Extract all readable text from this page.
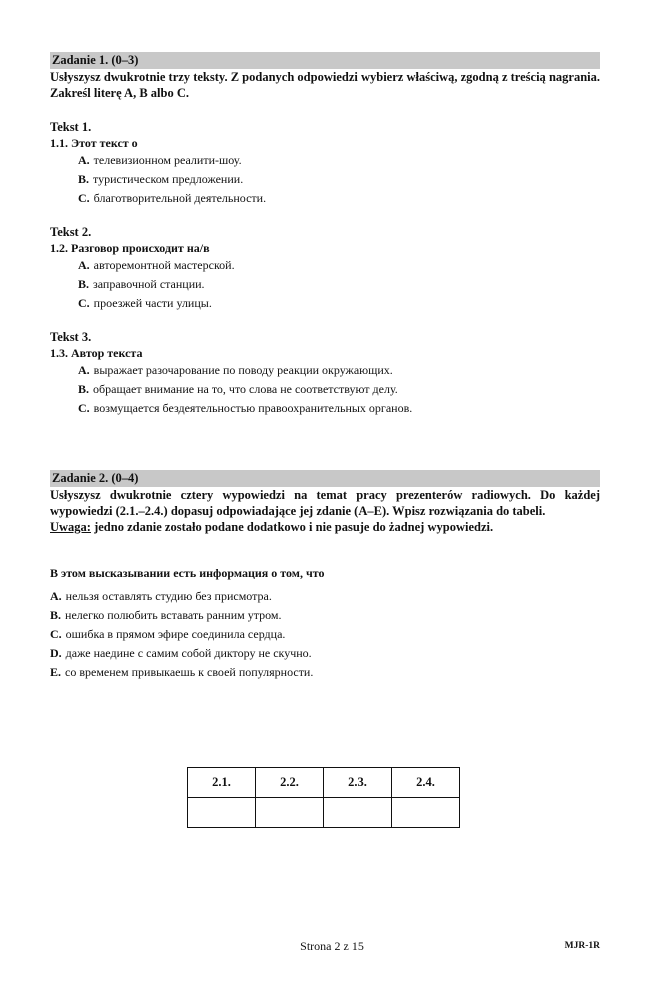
Zadanie 1. (0–3)
Usłyszysz dwukrotnie trzy teksty. Z podanych odpowiedzi wybierz właściwą, zgodną z treścią nagrania. Zakreśl literę A, B albo C.
Tekst 1.
1.1. Этот текст о
A. телевизионном реалити-шоу.
B. туристическом предложении.
C. благотворительной деятельности.
Tekst 2.
1.2. Разговор происходит на/в
A. авторемонтной мастерской.
B. заправочной станции.
C. проезжей части улицы.
Tekst 3.
1.3. Автор текста
A. выражает разочарование по поводу реакции окружающих.
B. обращает внимание на то, что слова не соответствуют делу.
C. возмущается бездеятельностью правоохранительных органов.
Zadanie 2. (0–4)
Usłyszysz dwukrotnie cztery wypowiedzi na temat pracy prezenterów radiowych. Do każdej wypowiedzi (2.1.–2.4.) dopasuj odpowiadające jej zdanie (A–E). Wpisz rozwiązania do tabeli.
Uwaga: jedno zdanie zostało podane dodatkowo i nie pasuje do żadnej wypowiedzi.
В этом высказывании есть информация о том, что
A. нельзя оставлять студию без присмотра.
B. нелегко полюбить вставать ранним утром.
C. ошибка в прямом эфире соединила сердца.
D. даже наедине с самим собой диктору не скучно.
E. со временем привыкаешь к своей популярности.
2.1.	2.2.	2.3.	2.4.

Strona 2 z 15	MJR-1R
